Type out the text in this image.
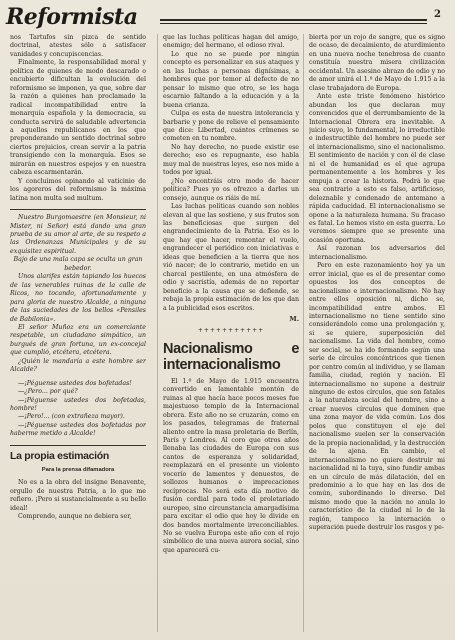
Reformista	2

nos Tartufos sin pizca de sentido doctrinal, atestes sólo a satisfacer vanidades y concupiscencias.

Finalmente, la responsabilidad moral y política de quienes de modo descarado o encubierto dificultan la evolución del reformismo se imponen, ya que, sobre dar la razón a quienes han proclamado la radical incompatibilidad entre la monarquía española y la democracia, su conducta servirá de saludable advertencia a aquellos republicanos en los que preponderando un sentido doctrinal sobre ciertos prejuicios, crean servir a la patria transigiendo con la monarquía. Esos se mirarán en nuestros espejos y en nuestra cabeza escarmentarán.

Y concluimos opinando al vaticinio de los agoreros del reformismo la máxima latina non multa sed multum.

Nuestro Burgomaestre (en Monsieur, ni Mister, ni Señor) está dando una gran prueba de su amor al arte, de su respeto a las Ordenanzas Municipales y de su exquisitez espiritual.

Bajo de una mala capa se oculta un gran bebedor.

Unos alarifes están tapiando los huecos de las venerables ruinas de la calle de Ricos, no tocando, afortunadamente y para gloria de nuestro Alcalde, a ninguna de las suciedades de los bellos «Pensiles de Babilonia».

El señor Muñoz era un comerciante respetable, un ciudadano simpático, un burgués de gran fortuna, un ex-concejal que cumplió, etcétera, etcétera.

¿Quién le mandaría a este hombre ser Alcalde?

—¡Péguense ustedes dos bofetadas!

—¿Pero... por qué?

—¡Péguense ustedes dos bofetadas, hombre!

—¡Pero!... (con extrañeza mayor).

—¡Péguense ustedes dos bofetadas por haberme metido a Alcalde!

La propia estimación
Para la prensa difamadora

No es a la obra del insigne Benavente, orgullo de nuestra Patria, a lo que me refiero. ¡Pero si sustancialmente a su bello ideal!

Comprendo, aunque no debiera ser,

que las luchas políticas hagan del amigo, enemigo; del hermano, el odioso rival.

Lo que no se puede por ningún concepto es personalizar en sus ataques y en las luchas a personas dignísimas, a hombres que por temor al defecto de no pensar lo mismo que otro, se les haga escarnio faltando a la educación y a la buena crianza.

Culpa es esta de nuestra intolerancia y barbarie y pone de relieve el pensamiento que dice: Libertad, cuántos crímenes se cometen en tu nombre.

No hay derecho, no puede existir ese derecho; eso es repugnante, eso habla muy mal de nuestras leyes, eso nos mide a todos por igual.

¿No encontráis otro modo de hacer política? Pues yo os ofrezco a darles un consejo, aunque os riáis de mí.

Las luchas políticas cuando son nobles elevan al que las sostiene, y sus frutos son las beneficiosas que surgen del engrandecimiento de la Patria. Eso es lo que hay que hacer, remontar el vuelo, engrandecer el periódico con iniciativas e ideas que beneficien a la tierra que nos vió nacer; de lo contrario, metido en un charcal pestilente, en una atmósfera de odio y sacristía, además de no reportar beneficio a la causa que se defiende, se rebaja la propia estimación de los que dan a la publicidad esos escritos.

M.
+++++++++++
Nacionalismo e internacionalismo

El 1.º de Mayo de 1.915 encuentra convertido en lamentable montón de ruinas al que hacía hace pocos meses fue majestuoso templo de la Internacional obrera. Este año no se cruzarán, como en los pasados, telegramas de fraternal aliento entre la masa proletaria de Berlín, París y Londres. Al coro que otros años llenaba las ciudades de Europa con sus cantos de esperanza y solidaridad, reemplazará en el presente un violento vocerío de lamentos y denuestos, de sollozos humanos e imprecaciones recíprocas. No será esta día motivo de fusión cordial para todo el proletariado europeo, sino circunstancia amargadísima para excitar el odio que hoy le divide en dos bandos mortalmente irreconciliables. No se vuelva Europa este año con el rojo simbólico de una nueva aurora social, sino que aparecerá cu-

bierta por un rojo de sangre, que es signo de ocaso, de decaimiento, de aturdimiento en una nueva noche tenebrosa de cuanto constituía nuestra misera civilización occidental. Un asesino abrazo de odio y no de amor unirá el 1.º de Mayo de 1.915 a la clase trabajadora de Europa.

Ante este triste fenómeno histórico abundan los que declaran muy convencidos que el derrumbamiento de la Internacional Obrera era inevitable. A juicio suyo, lo fundamental, lo irreductible e indestructible del hombre no puede ser el internacionalismo, sino el nacionalismo. El sentimiento de nación y con él de clase ni el de humanidad es el que agrupa permanentemente a los hombres y les empuja a crear la historia. Podrá lo que sea contrario a esto es falso, artificioso, deleznable y condenado de antemano a rápida caducidad. El internacionalismo se opone a la naturaleza humana. Su fracaso es fatal. Lo hemos visto en esta guerra. Lo veremos siempre que se presente una ocasión oportuna.

Así razonan los adversarios del internacionalismo.

Pero en este razonamiento hoy ya un error inicial, que es el de presentar como opuestos los dos conceptos de nacionalismo e internacionalismo. No hay entre ellos oposición ni, dicho se, incompatibilidad entre ambos. El internacionalismo no tiene sentido sino considerándolo como una prolongación y, si se quiere, superposición del nacionalismo. La vida del hombre, como ser social, se ha ido formando según una serie de círculos concéntricos que tienen por centro común al individuo, y se llaman familia, ciudad, región y nación. El internacionalismo no supone a destruir ninguno de estos círculos, que son fatales a la naturaleza social del hombre, sino a crear nuevos círculos que dominen que una zona mayor de vida común. Los dos polos que constituyen el eje del nacionalismo suelen ser la conservación de la propia nacionalidad, y la destrucción de la ajena. En cambio, el internacionalismo no quiere destruir mi nacionalidad ni la tuya, sino fundir ambas en un círculo de más dilatación, del en predominio a lo que hay en las dos de común, subordinando lo diverso. Del mismo modo que la nación no anula lo característico de la ciudad ni lo de la región, tampoco la internación o superación puede destruir los rasgos y pe-
